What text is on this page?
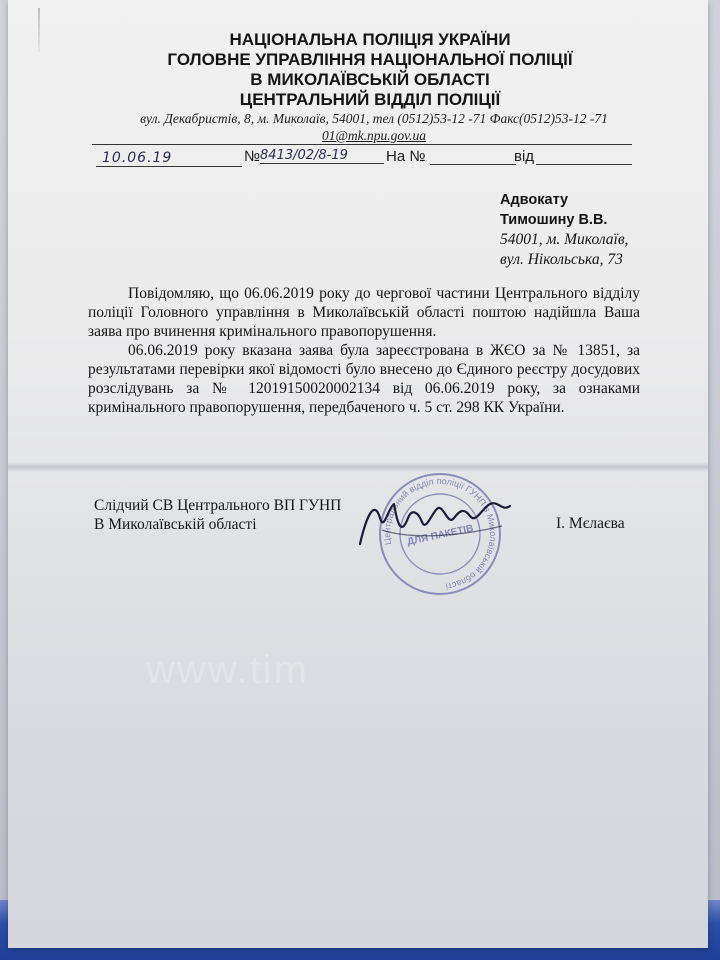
НАЦІОНАЛЬНА ПОЛІЦІЯ УКРАЇНИ
ГОЛОВНЕ УПРАВЛІННЯ НАЦІОНАЛЬНОЇ ПОЛІЦІЇ
В МИКОЛАЇВСЬКІЙ ОБЛАСТІ
ЦЕНТРАЛЬНИЙ ВІДДІЛ ПОЛІЦІЇ
вул. Декабристів, 8, м. Миколаїв, 54001, тел (0512)53-12 -71 Факс(0512)53-12 -71
01@mk.npu.gov.ua
10.06.19	№ 8413/02/8-19	На №	від
Адвокату
Тимошину В.В.
54001, м. Миколаїв,
вул. Нікольська, 73

Повідомляю, що 06.06.2019 року до чергової частини Центрального відділу поліції Головного управління в Миколаївській області поштою надійшла Ваша заява про вчинення кримінального правопорушення.

06.06.2019 року вказана заява була зареєстрована в ЖЄО за № 13851, за результатами перевірки якої відомості було внесено до Єдиного реєстру досудових розслідувань за № 12019150020002134 від 06.06.2019 року, за ознаками кримінального правопорушення, передбаченого ч. 5 ст. 298 КК України.

Слідчий СВ Центрального ВП ГУНП
В Миколаївській області	І. Мєлаєва
Центральний відділ поліції ГУНП в Миколаївській області
ДЛЯ ПАКЕТІВ
www.tim
